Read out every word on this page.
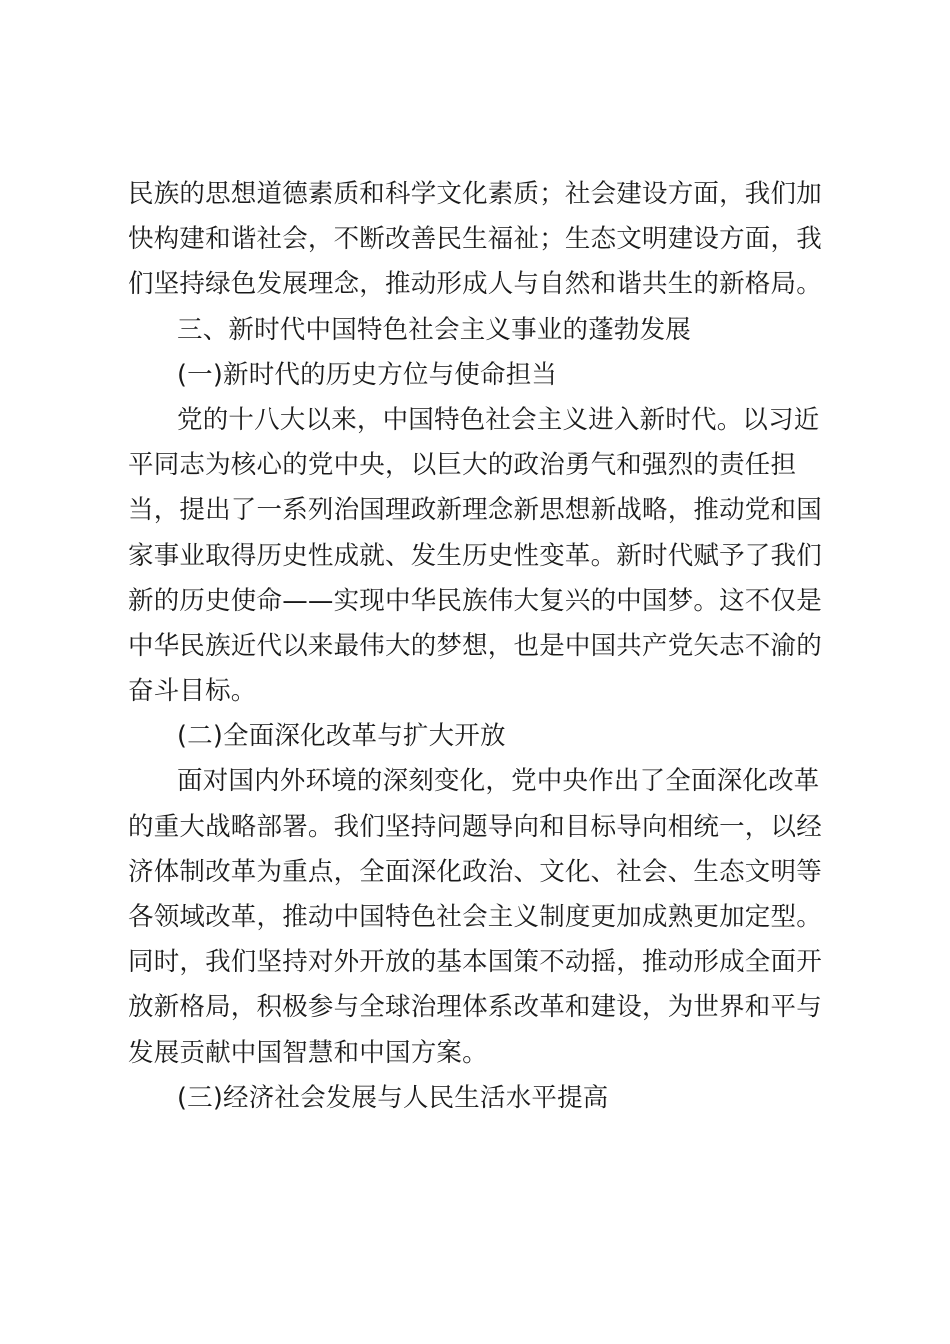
民族的思想道德素质和科学文化素质；社会建设方面，我们加
快构建和谐社会，不断改善民生福祉；生态文明建设方面，我
们坚持绿色发展理念，推动形成人与自然和谐共生的新格局。
三、新时代中国特色社会主义事业的蓬勃发展
(一)新时代的历史方位与使命担当
党的十八大以来，中国特色社会主义进入新时代。以习近
平同志为核心的党中央，以巨大的政治勇气和强烈的责任担
当，提出了一系列治国理政新理念新思想新战略，推动党和国
家事业取得历史性成就、发生历史性变革。新时代赋予了我们
新的历史使命——实现中华民族伟大复兴的中国梦。这不仅是
中华民族近代以来最伟大的梦想，也是中国共产党矢志不渝的
奋斗目标。
(二)全面深化改革与扩大开放
面对国内外环境的深刻变化，党中央作出了全面深化改革
的重大战略部署。我们坚持问题导向和目标导向相统一，以经
济体制改革为重点，全面深化政治、文化、社会、生态文明等
各领域改革，推动中国特色社会主义制度更加成熟更加定型。
同时，我们坚持对外开放的基本国策不动摇，推动形成全面开
放新格局，积极参与全球治理体系改革和建设，为世界和平与
发展贡献中国智慧和中国方案。
(三)经济社会发展与人民生活水平提高
